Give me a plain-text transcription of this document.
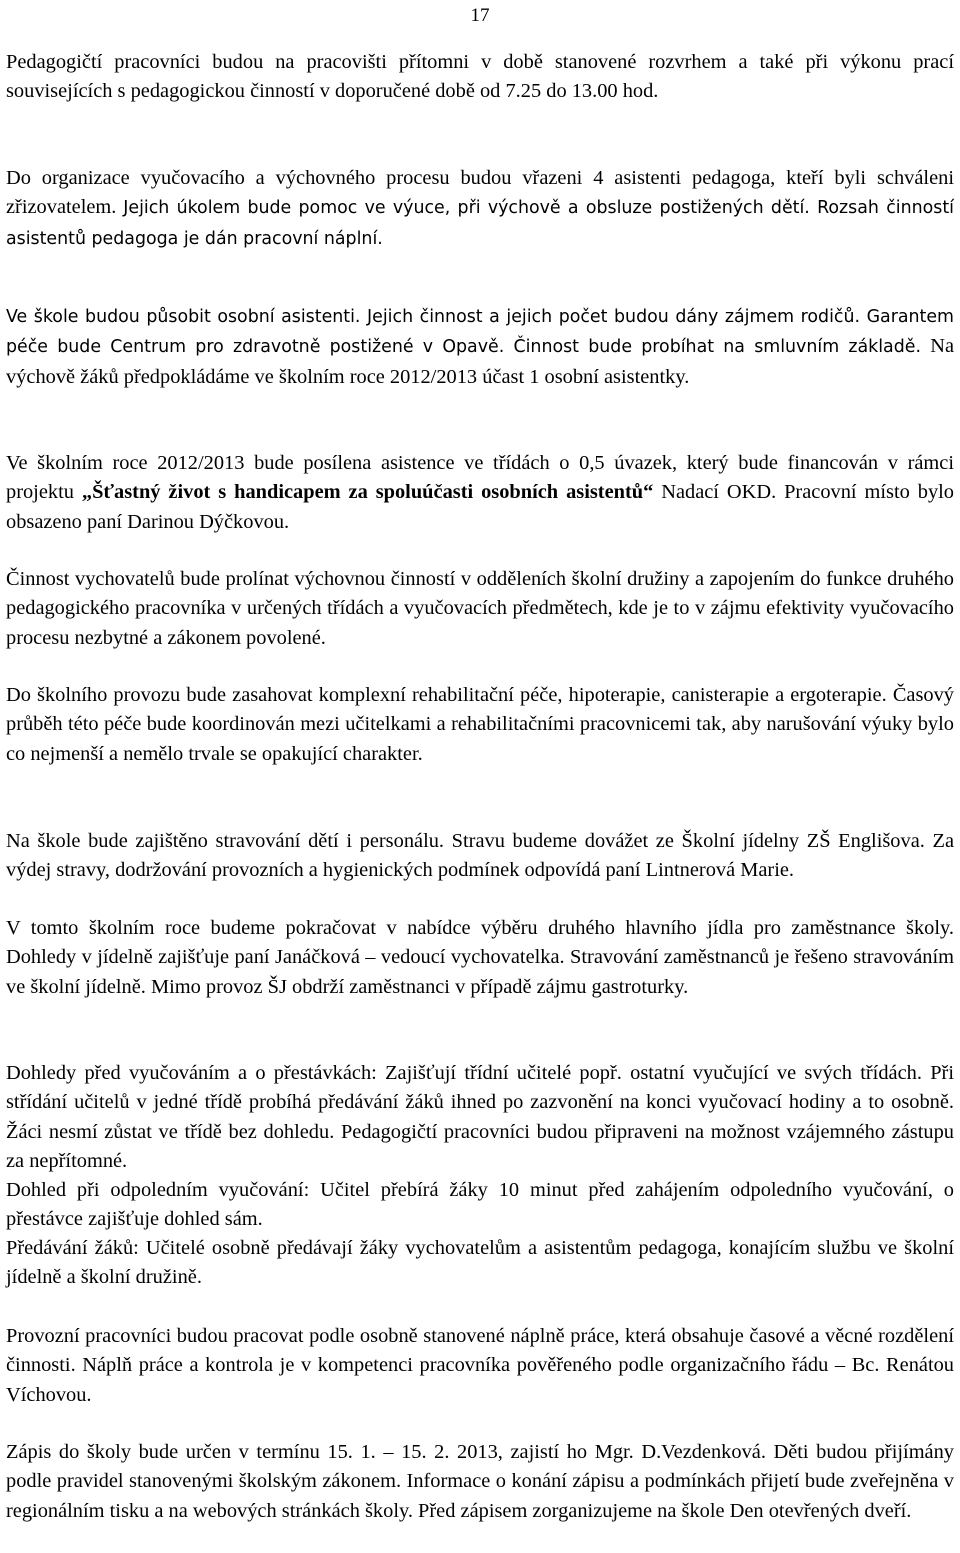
17

Pedagogičtí pracovníci budou na pracovišti přítomni v době stanovené rozvrhem a také při výkonu prací souvisejících s pedagogickou činností v doporučené době od 7.25 do 13.00 hod.

Do organizace vyučovacího a výchovného procesu budou vřazeni 4 asistenti pedagoga, kteří byli schváleni zřizovatelem. Jejich úkolem bude pomoc ve výuce, při výchově a obsluze postižených dětí. Rozsah činností asistentů pedagoga je dán pracovní náplní.

Ve škole budou působit osobní asistenti. Jejich činnost a jejich počet budou dány zájmem rodičů. Garantem péče bude Centrum pro zdravotně postižené v Opavě. Činnost bude probíhat na smluvním základě. Na výchově žáků předpokládáme ve školním roce 2012/2013 účast 1 osobní asistentky.

Ve školním roce 2012/2013 bude posílena asistence ve třídách o 0,5 úvazek, který bude financován v rámci projektu „Šťastný život s handicapem za spoluúčasti osobních asistentů“ Nadací OKD. Pracovní místo bylo obsazeno paní Darinou Dýčkovou.

Činnost vychovatelů bude prolínat výchovnou činností v odděleních školní družiny a zapojením do funkce druhého pedagogického pracovníka v určených třídách a vyučovacích předmětech, kde je to v zájmu efektivity vyučovacího procesu nezbytné a zákonem povolené.

Do školního provozu bude zasahovat komplexní rehabilitační péče, hipoterapie, canisterapie a ergoterapie. Časový průběh této péče bude koordinován mezi učitelkami a rehabilitačními pracovnicemi tak, aby narušování výuky bylo co nejmenší a nemělo trvale se opakující charakter.

Na škole bude zajištěno stravování dětí i personálu. Stravu budeme dovážet ze Školní jídelny ZŠ Englišova. Za výdej stravy, dodržování provozních a hygienických podmínek odpovídá paní Lintnerová Marie.

V tomto školním roce budeme pokračovat v nabídce výběru druhého hlavního jídla pro zaměstnance školy. Dohledy v jídelně zajišťuje paní Janáčková – vedoucí vychovatelka. Stravování zaměstnanců je řešeno stravováním ve školní jídelně. Mimo provoz ŠJ obdrží zaměstnanci v případě zájmu gastroturky.

Dohledy před vyučováním a o přestávkách: Zajišťují třídní učitelé popř. ostatní vyučující ve svých třídách. Při střídání učitelů v jedné třídě probíhá předávání žáků ihned po zazvonění na konci vyučovací hodiny a to osobně. Žáci nesmí zůstat ve třídě bez dohledu. Pedagogičtí pracovníci budou připraveni na možnost vzájemného zástupu za nepřítomné.

Dohled při odpoledním vyučování: Učitel přebírá žáky 10 minut před zahájením odpoledního vyučování, o přestávce zajišťuje dohled sám.

Předávání žáků: Učitelé osobně předávají žáky vychovatelům a asistentům pedagoga, konajícím službu ve školní jídelně a školní družině.

Provozní pracovníci budou pracovat podle osobně stanovené náplně práce, která obsahuje časové a věcné rozdělení činnosti. Náplň práce a kontrola je v kompetenci pracovníka pověřeného podle organizačního řádu – Bc. Renátou Víchovou.

Zápis do školy bude určen v termínu 15. 1. – 15. 2. 2013, zajistí ho Mgr. D.Vezdenková. Děti budou přijímány podle pravidel stanovenými školským zákonem. Informace o konání zápisu a podmínkách přijetí bude zveřejněna v regionálním tisku a na webových stránkách školy. Před zápisem zorganizujeme na škole Den otevřených dveří.
